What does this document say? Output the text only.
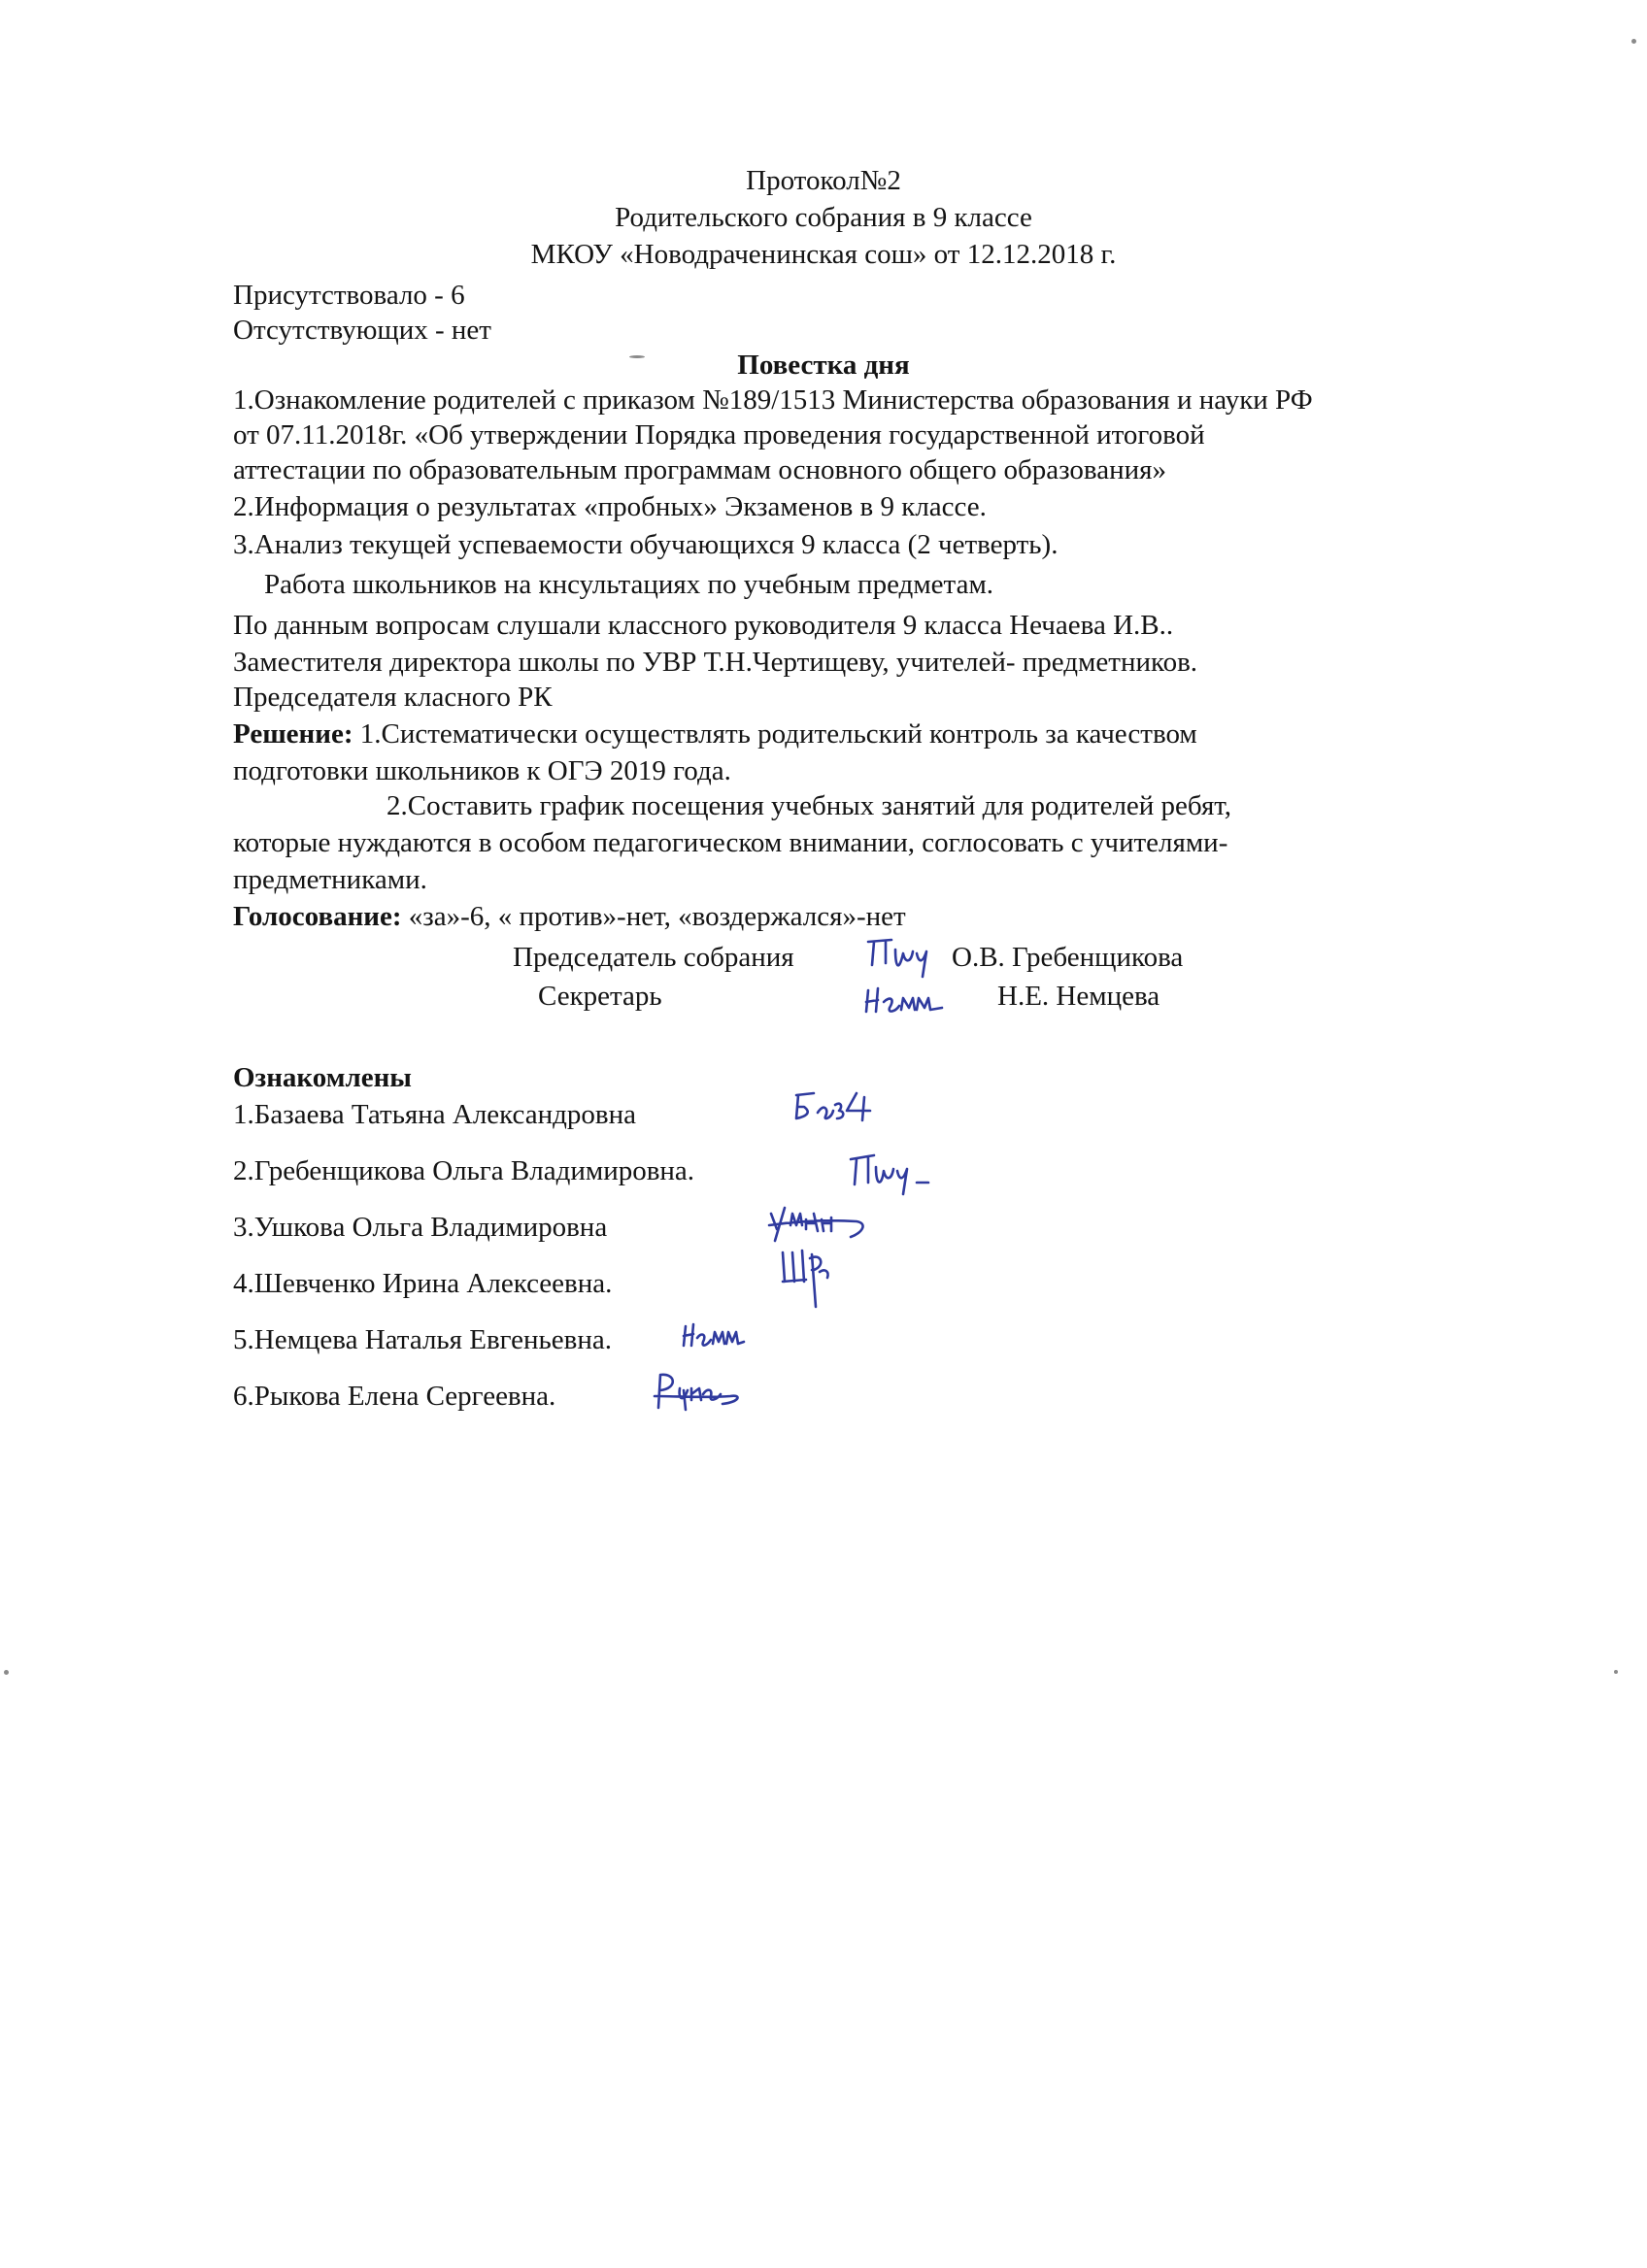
Протокол№2
Родительского собрания в 9 классе
МКОУ «Новодраченинская сош» от 12.12.2018 г.
Присутствовало - 6
Отсутствующих - нет
Повестка дня
1.Ознакомление родителей с приказом №189/1513 Министерства образования и науки РФ
от 07.11.2018г. «Об утверждении Порядка проведения государственной итоговой
аттестации по образовательным программам основного общего образования»
2.Информация о результатах «пробных» Экзаменов в 9 классе.
3.Анализ текущей успеваемости обучающихся 9 класса (2 четверть).
Работа школьников на кнсультациях по учебным предметам.
По данным вопросам слушали классного руководителя 9 класса Нечаева И.В..
Заместителя директора школы по УВР Т.Н.Чертищеву, учителей- предметников.
Председателя класного РК
Решение: 1.Систематически осуществлять родительский контроль за качеством
подготовки школьников к ОГЭ 2019 года.
2.Составить график посещения учебных занятий для родителей ребят,
которые нуждаются в особом педагогическом внимании, соглосовать с учителями-
предметниками.
Голосование: «за»-6, « против»-нет, «воздержался»-нет
Председатель собрания	О.В. Гребенщикова
Секретарь	Н.Е. Немцева
Ознакомлены
1.Базаева Татьяна Александровна
2.Гребенщикова Ольга Владимировна.
3.Ушкова Ольга Владимировна
4.Шевченко Ирина Алексеевна.
5.Немцева Наталья Евгеньевна.
6.Рыкова Елена Сергеевна.
